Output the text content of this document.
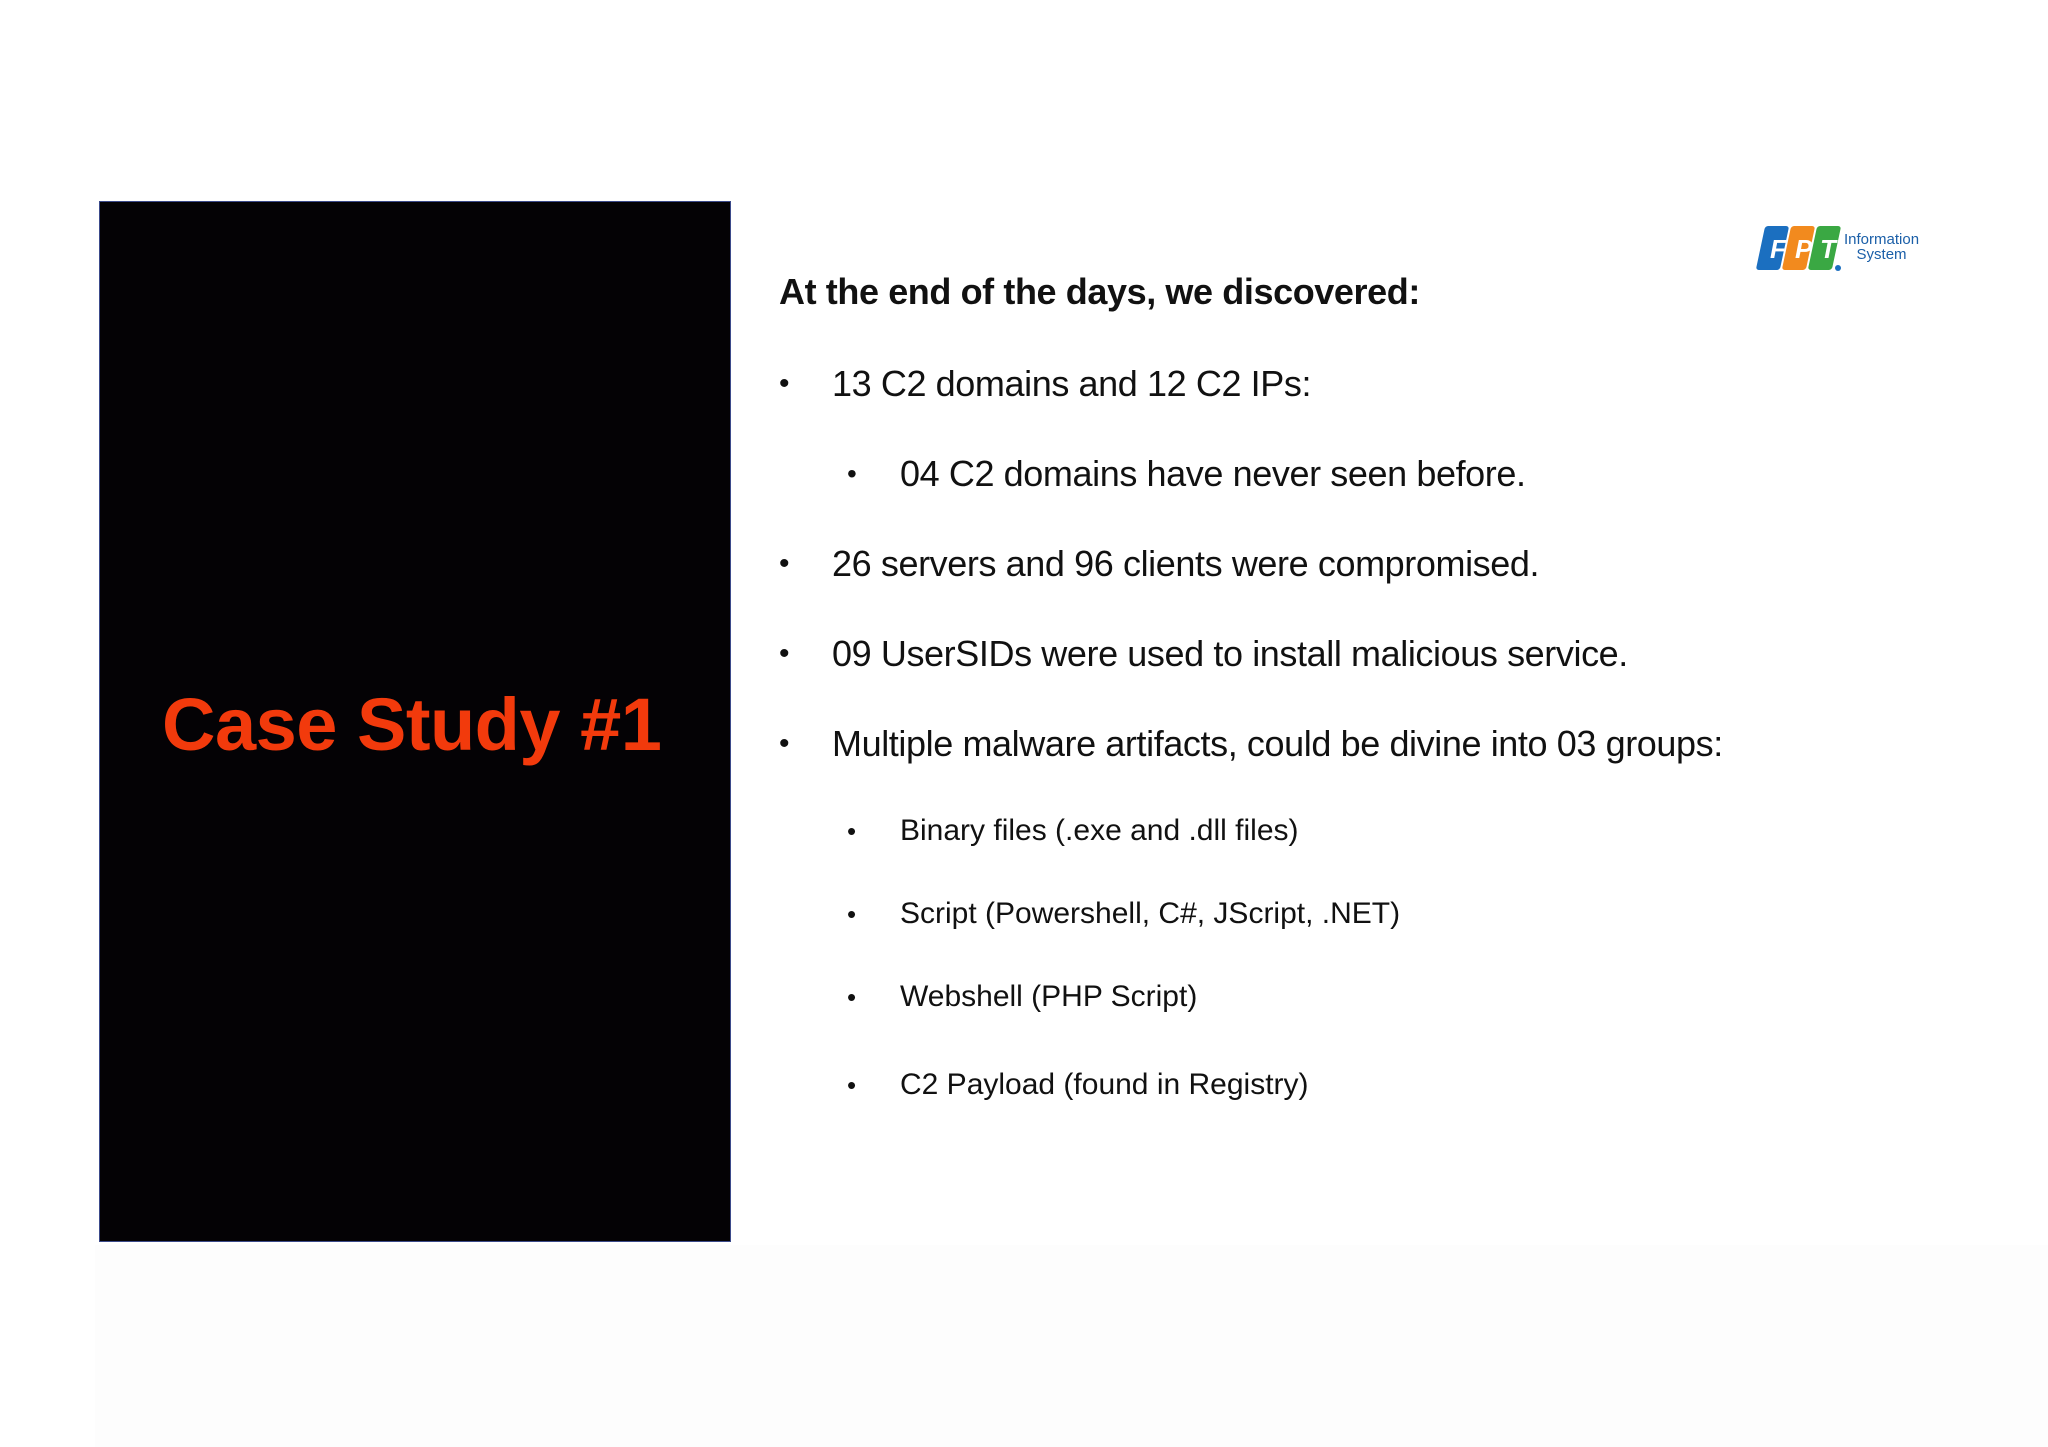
Case Study #1
F P T Information
System
At the end of the days, we discovered:
• 13 C2 domains and 12 C2 IPs:
• 04 C2 domains have never seen before.
• 26 servers and 96 clients were compromised.
• 09 UserSIDs were used to install malicious service.
• Multiple malware artifacts, could be divine into 03 groups:
• Binary files (.exe and .dll files)
• Script (Powershell, C#, JScript, .NET)
• Webshell (PHP Script)
• C2 Payload (found in Registry)
